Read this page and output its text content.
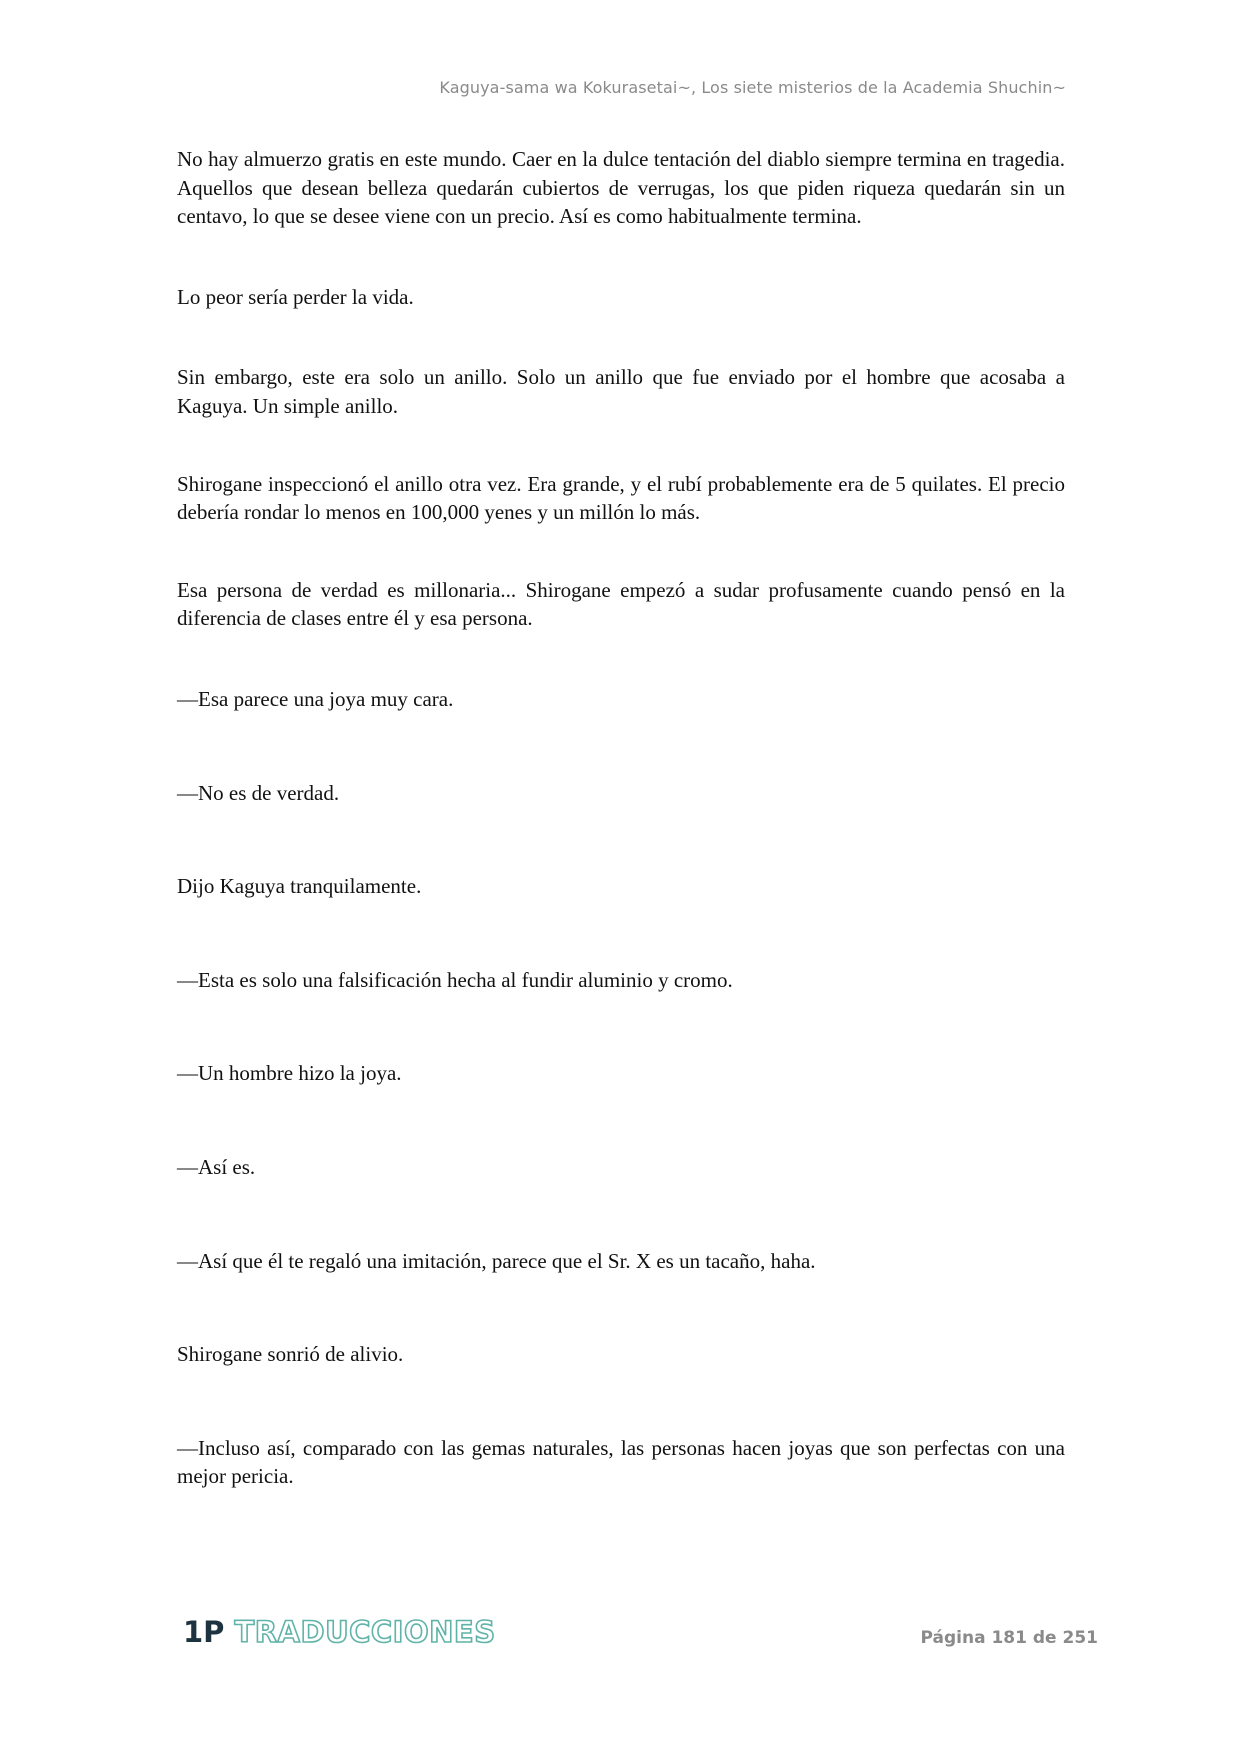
Kaguya-sama wa Kokurasetai~, Los siete misterios de la Academia Shuchin~

No hay almuerzo gratis en este mundo. Caer en la dulce tentación del diablo siempre termina en tragedia. Aquellos que desean belleza quedarán cubiertos de verrugas, los que piden riqueza quedarán sin un centavo, lo que se desee viene con un precio. Así es como habitualmente termina.

Lo peor sería perder la vida.

Sin embargo, este era solo un anillo. Solo un anillo que fue enviado por el hombre que acosaba a Kaguya. Un simple anillo.

Shirogane inspeccionó el anillo otra vez. Era grande, y el rubí probablemente era de 5 quilates. El precio debería rondar lo menos en 100,000 yenes y un millón lo más.

Esa persona de verdad es millonaria... Shirogane empezó a sudar profusamente cuando pensó en la diferencia de clases entre él y esa persona.

—Esa parece una joya muy cara.

—No es de verdad.

Dijo Kaguya tranquilamente.

—Esta es solo una falsificación hecha al fundir aluminio y cromo.

—Un hombre hizo la joya.

—Así es.

—Así que él te regaló una imitación, parece que el Sr. X es un tacaño, haha.

Shirogane sonrió de alivio.

—Incluso así, comparado con las gemas naturales, las personas hacen joyas que son perfectas con una mejor pericia.

1P TRADUCCIONES	Página 181 de 251
